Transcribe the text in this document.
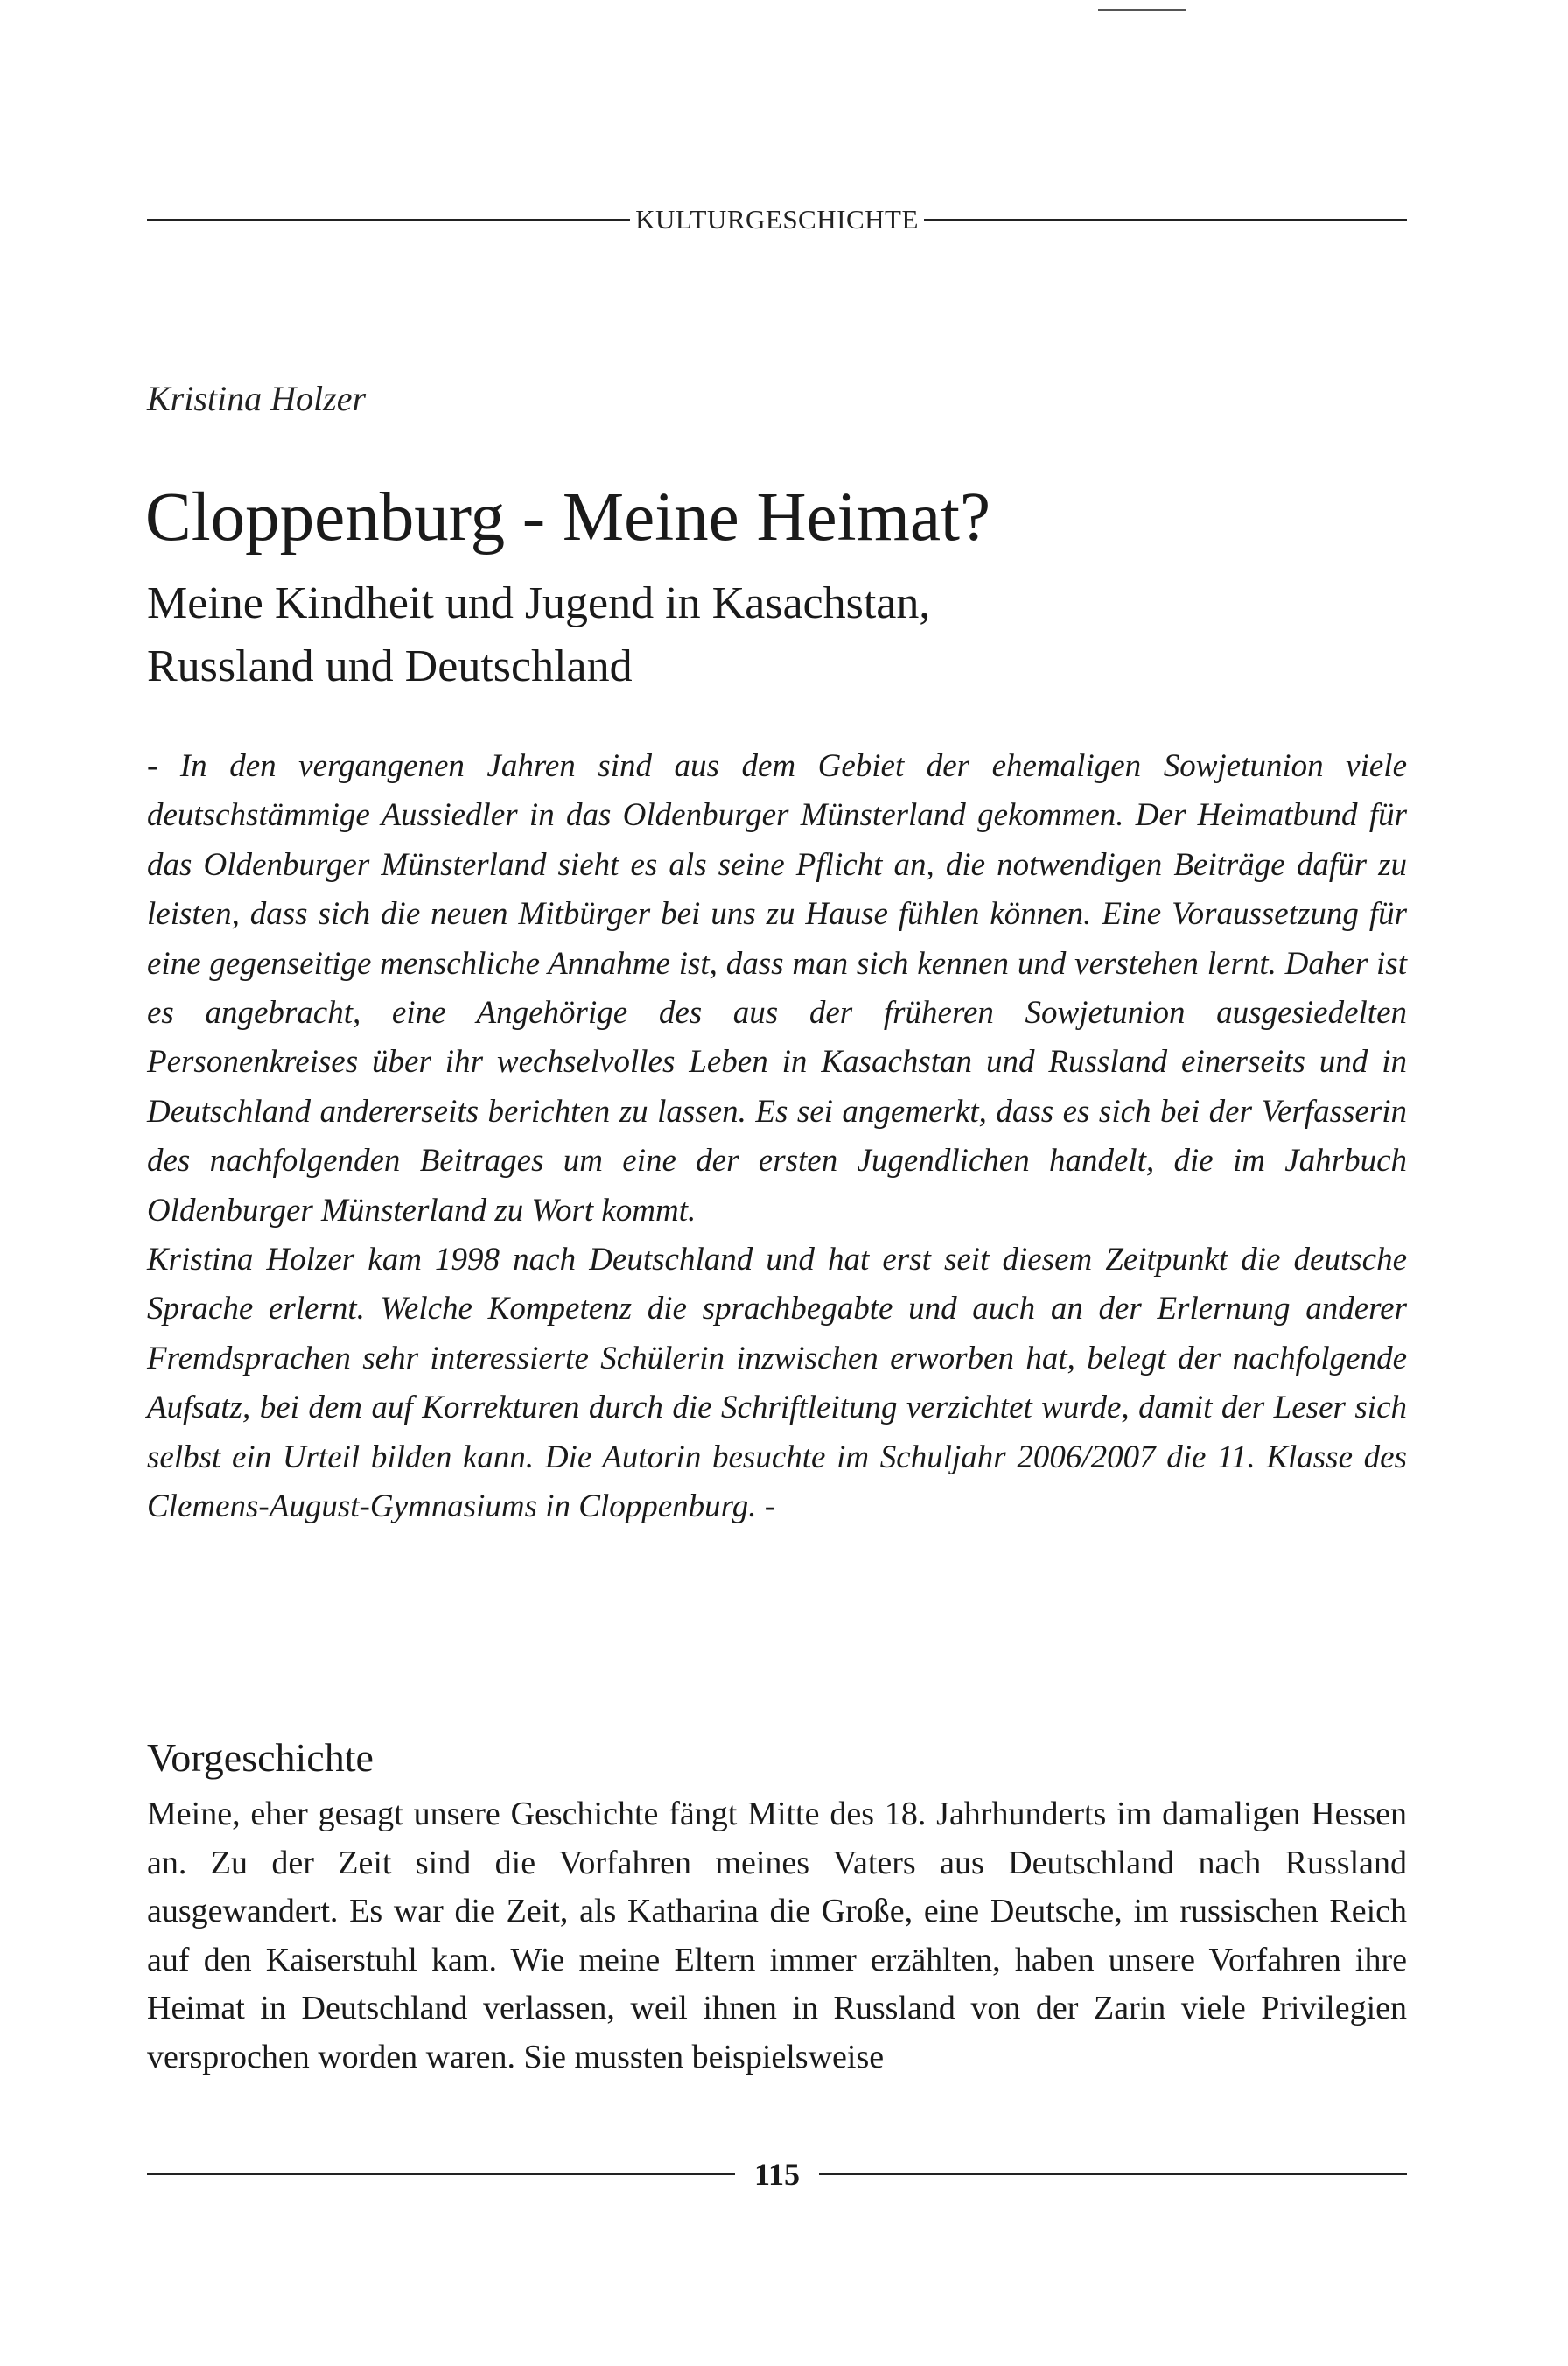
KULTURGESCHICHTE
Kristina Holzer
Cloppenburg - Meine Heimat?
Meine Kindheit und Jugend in Kasachstan,
Russland und Deutschland

- In den vergangenen Jahren sind aus dem Gebiet der ehemaligen Sowjetunion viele deutschstämmige Aussiedler in das Oldenburger Münsterland gekommen. Der Heimatbund für das Oldenburger Münsterland sieht es als seine Pflicht an, die notwendigen Beiträge dafür zu leisten, dass sich die neuen Mitbürger bei uns zu Hause fühlen können. Eine Voraussetzung für eine gegenseitige menschliche Annahme ist, dass man sich kennen und verstehen lernt. Daher ist es angebracht, eine Angehörige des aus der früheren Sowjetunion ausgesiedelten Personenkreises über ihr wechselvolles Leben in Kasachstan und Russland einerseits und in Deutschland andererseits berichten zu lassen. Es sei angemerkt, dass es sich bei der Verfasserin des nachfolgenden Beitrages um eine der ersten Jugendlichen handelt, die im Jahrbuch Oldenburger Münsterland zu Wort kommt.

Kristina Holzer kam 1998 nach Deutschland und hat erst seit diesem Zeitpunkt die deutsche Sprache erlernt. Welche Kompetenz die sprachbegabte und auch an der Erlernung anderer Fremdsprachen sehr interessierte Schülerin inzwischen erworben hat, belegt der nachfolgende Aufsatz, bei dem auf Korrekturen durch die Schriftleitung verzichtet wurde, damit der Leser sich selbst ein Urteil bilden kann. Die Autorin besuchte im Schuljahr 2006/2007 die 11. Klasse des Clemens-August-Gymnasiums in Cloppenburg. -

Vorgeschichte

Meine, eher gesagt unsere Geschichte fängt Mitte des 18. Jahrhunderts im damaligen Hessen an. Zu der Zeit sind die Vorfahren meines Vaters aus Deutschland nach Russland ausgewandert. Es war die Zeit, als Katharina die Große, eine Deutsche, im russischen Reich auf den Kaiserstuhl kam. Wie meine Eltern immer erzählten, haben unsere Vorfahren ihre Heimat in Deutschland verlassen, weil ihnen in Russland von der Zarin viele Privilegien versprochen worden waren. Sie mussten beispielsweise

115
